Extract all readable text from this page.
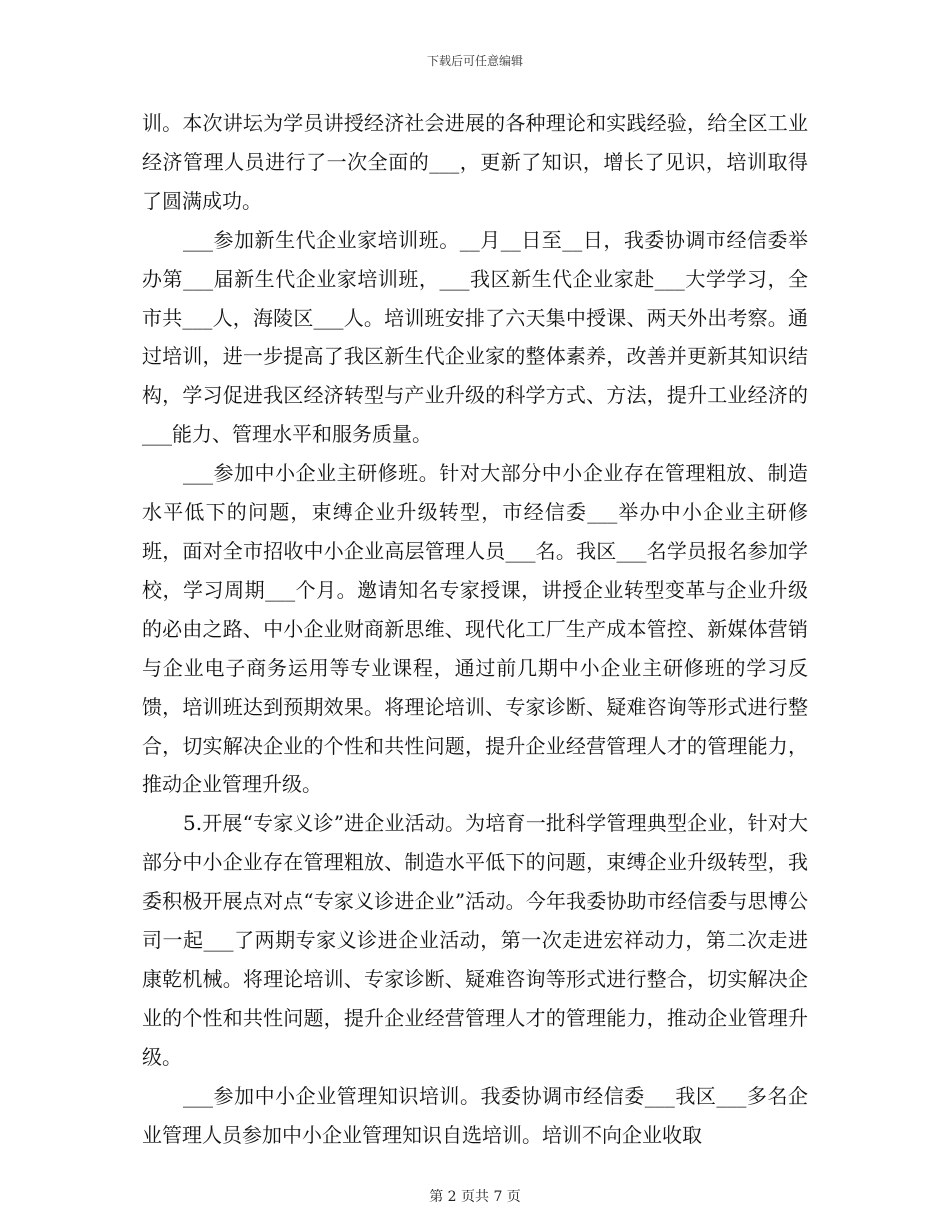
下载后可任意编辑

训。本次讲坛为学员讲授经济社会进展的各种理论和实践经验，给全区工业经济管理人员进行了一次全面的___，更新了知识，增长了见识，培训取得了圆满成功。

___参加新生代企业家培训班。__月__日至__日，我委协调市经信委举办第___届新生代企业家培训班，___我区新生代企业家赴___大学学习，全市共___人，海陵区___人。培训班安排了六天集中授课、两天外出考察。通过培训，进一步提高了我区新生代企业家的整体素养，改善并更新其知识结构，学习促进我区经济转型与产业升级的科学方式、方法，提升工业经济的___能力、管理水平和服务质量。

___参加中小企业主研修班。针对大部分中小企业存在管理粗放、制造水平低下的问题，束缚企业升级转型，市经信委___举办中小企业主研修班，面对全市招收中小企业高层管理人员___名。我区___名学员报名参加学校，学习周期___个月。邀请知名专家授课，讲授企业转型变革与企业升级的必由之路、中小企业财商新思维、现代化工厂生产成本管控、新媒体营销与企业电子商务运用等专业课程，通过前几期中小企业主研修班的学习反馈，培训班达到预期效果。将理论培训、专家诊断、疑难咨询等形式进行整合，切实解决企业的个性和共性问题，提升企业经营管理人才的管理能力，推动企业管理升级。

5.开展“专家义诊”进企业活动。为培育一批科学管理典型企业，针对大部分中小企业存在管理粗放、制造水平低下的问题，束缚企业升级转型，我委积极开展点对点“专家义诊进企业”活动。今年我委协助市经信委与思博公司一起___了两期专家义诊进企业活动，第一次走进宏祥动力，第二次走进康乾机械。将理论培训、专家诊断、疑难咨询等形式进行整合，切实解决企业的个性和共性问题，提升企业经营管理人才的管理能力，推动企业管理升级。

___参加中小企业管理知识培训。我委协调市经信委___我区___多名企业管理人员参加中小企业管理知识自选培训。培训不向企业收取

第 2 页共 7 页
